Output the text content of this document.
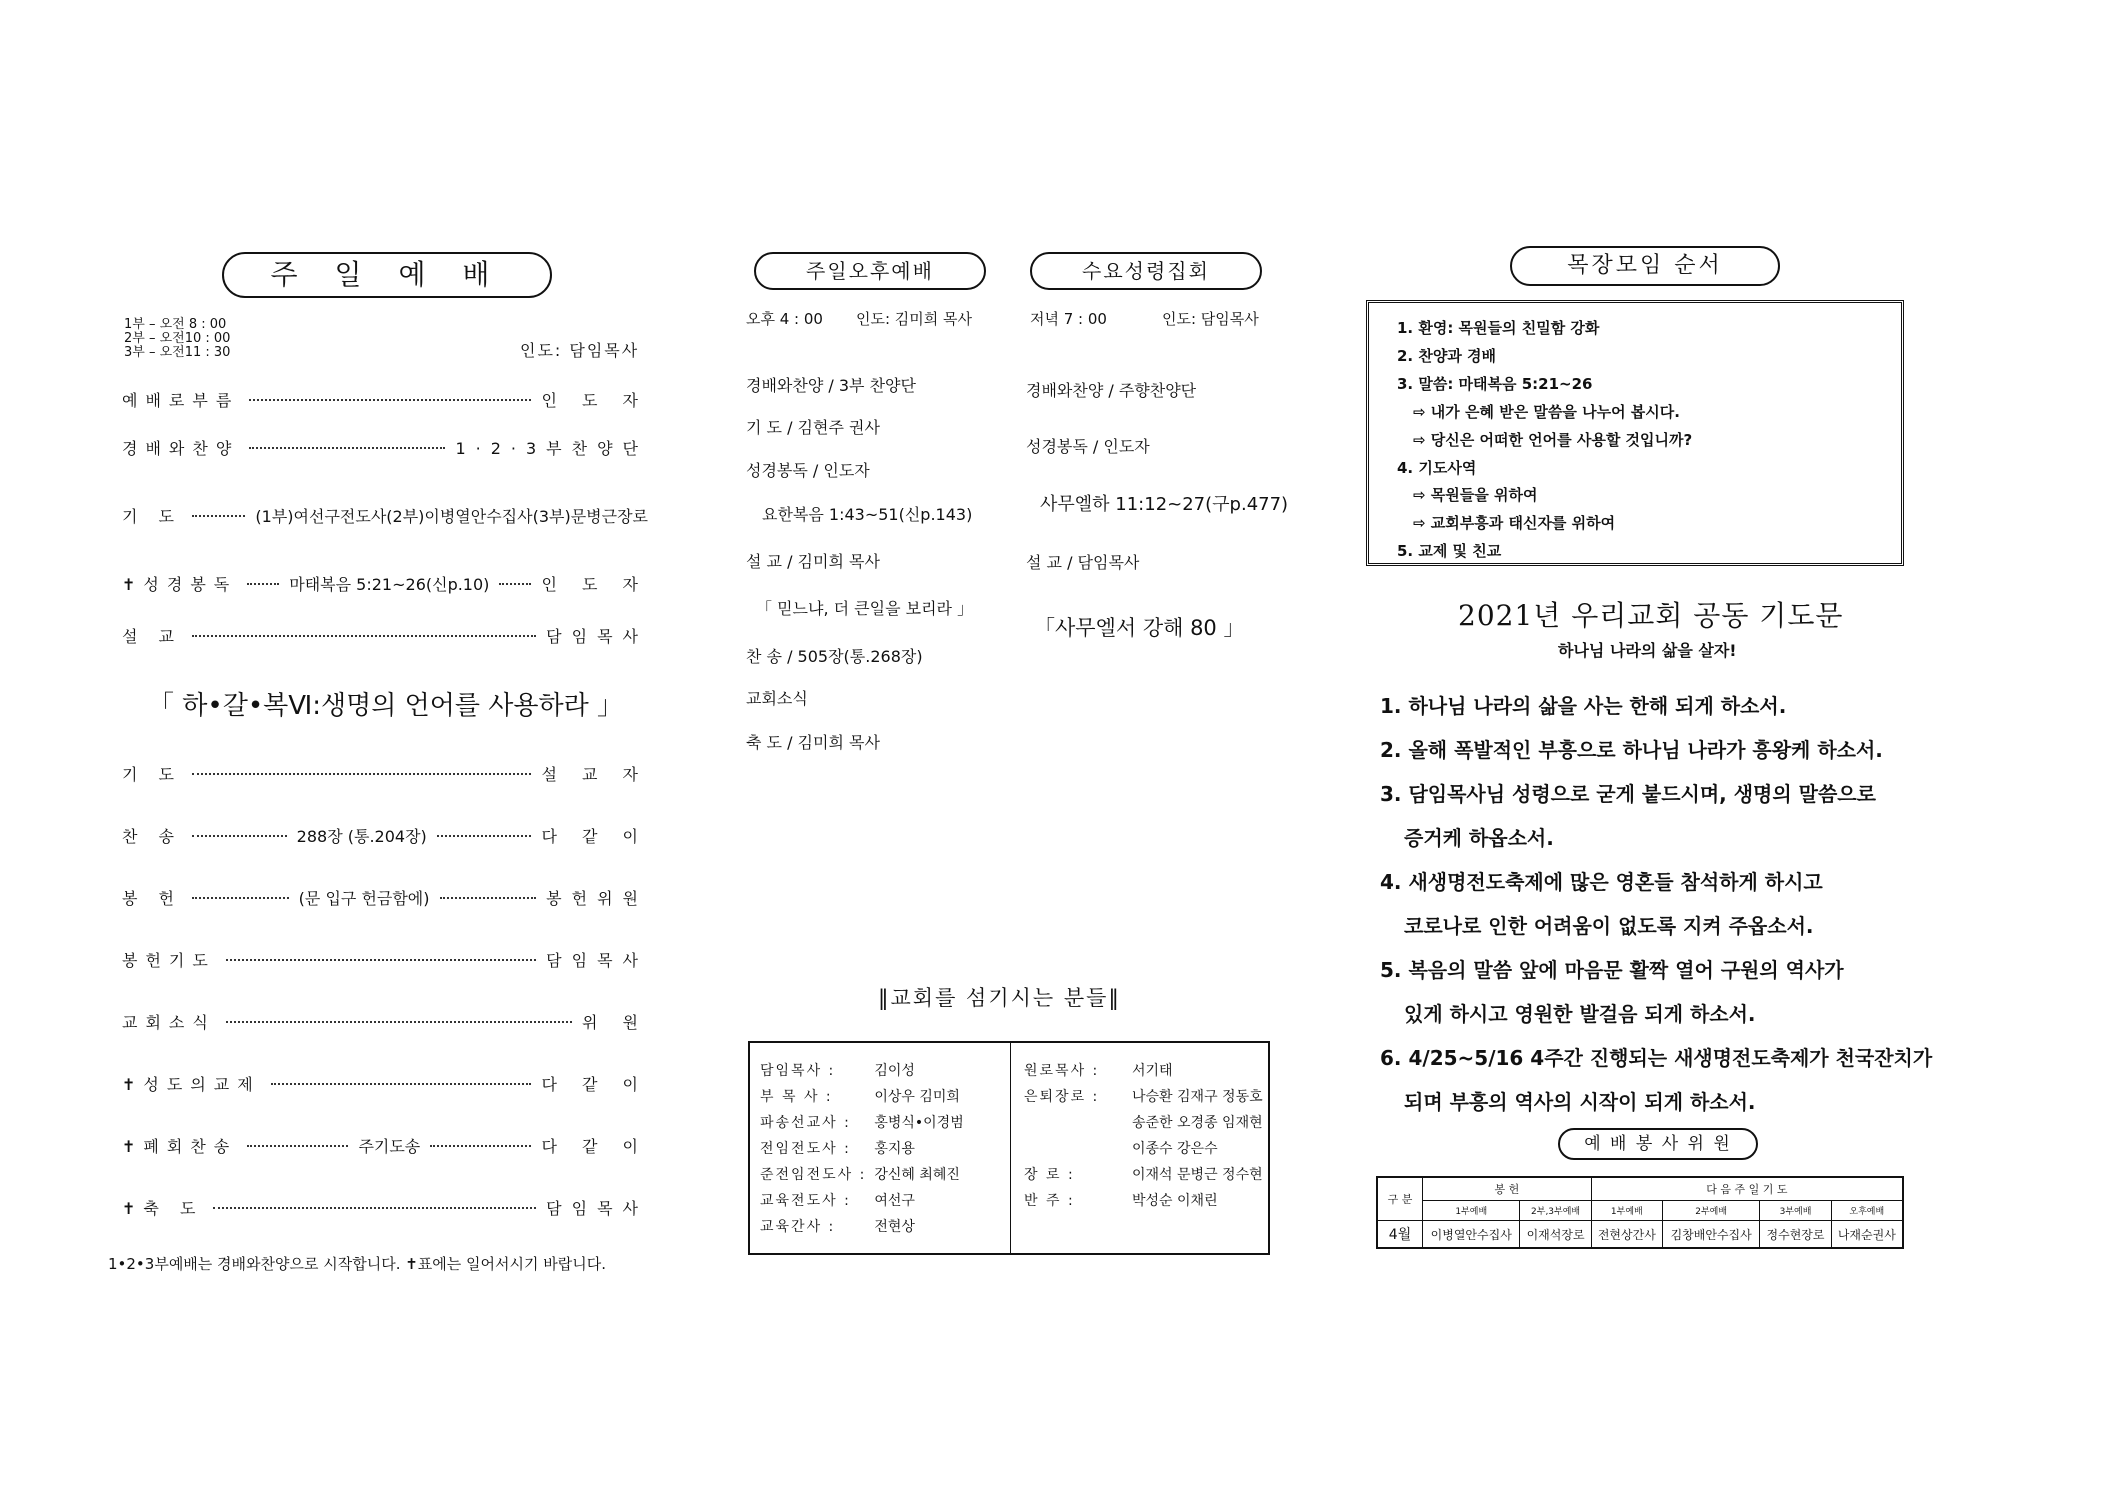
주 일 예 배
1부 – 오전 8 : 00
2부 – 오전10 : 00
3부 – 오전11 : 30	인도: 담임목사
예배로부름	인 도 자
경배와찬양	1·2·3부찬양단
기 도	(1부)여선구전도사(2부)이병열안수집사(3부)문병근장로
✝성경봉독	마태복음 5:21~26(신p.10)	인 도 자
설 교	담임목사
「 하•갈•복Ⅵ:생명의 언어를 사용하라 」
기 도	설 교 자
찬 송	288장 (통.204장)	다 같 이
봉 헌	(문 입구 헌금함에)	봉헌위원
봉헌기도	담임목사
교회소식	위 원
✝성도의교제	다 같 이
✝폐회찬송	주기도송	다 같 이
✝축 도	담임목사
1•2•3부예배는 경배와찬양으로 시작합니다. ✝표에는 일어서시기 바랍니다.
주일오후예배	수요성령집회
오후 4 : 00 인도: 김미희 목사	저녁 7 : 00	인도: 담임목사
경배와찬양 / 3부 찬양단
기 도 / 김현주 권사
성경봉독 / 인도자
요한복음 1:43~51(신p.143)
설 교 / 김미희 목사
「 믿느냐, 더 큰일을 보리라 」
찬 송 / 505장(통.268장)
교회소식
축 도 / 김미희 목사
경배와찬양 / 주향찬양단
성경봉독 / 인도자
사무엘하 11:12~27(구p.477)
설 교 / 담임목사
「사무엘서 강해 80 」
‖교회를 섬기시는 분들‖
담임목사 :	김이성
부 목 사 :	이상우 김미희
파송선교사 :	홍병식•이경범
전임전도사 :	홍지용
준전임전도사 :	강신혜 최혜진
교육전도사 :	여선구
교육간사 :	전현상
원로목사 :	서기태
은퇴장로 :	나승환 김재구 정동호
	송준한 오경종 임재현
	이종수 강은수
장 로 :	이재석 문병근 정수현
반 주 :	박성순 이채린
목장모임 순서
1. 환영: 목원들의 친밀함 강화
2. 찬양과 경배
3. 말씀: 마태복음 5:21~26
⇨ 내가 은혜 받은 말씀을 나누어 봅시다.
⇨ 당신은 어떠한 언어를 사용할 것입니까?
4. 기도사역
⇨ 목원들을 위하여
⇨ 교회부흥과 태신자를 위하여
5. 교제 및 친교
2021년 우리교회 공동 기도문
하나님 나라의 삶을 살자!
1. 하나님 나라의 삶을 사는 한해 되게 하소서.
2. 올해 폭발적인 부흥으로 하나님 나라가 흥왕케 하소서.
3. 담임목사님 성령으로 굳게 붙드시며, 생명의 말씀으로
증거케 하옵소서.
4. 새생명전도축제에 많은 영혼들 참석하게 하시고
코로나로 인한 어려움이 없도록 지켜 주옵소서.
5. 복음의 말씀 앞에 마음문 활짝 열어 구원의 역사가
있게 하시고 영원한 발걸음 되게 하소서.
6. 4/25~5/16 4주간 진행되는 새생명전도축제가 천국잔치가
되며 부흥의 역사의 시작이 되게 하소서.
예 배 봉 사 위 원
구 분	봉 헌		다 음 주 일 기 도			
	1부예배	2부,3부예배	1부예배	2부예배	3부예배	오후예배
4월	이병열안수집사	이재석장로	전현상간사	김창배안수집사	정수현장로	나재순권사
